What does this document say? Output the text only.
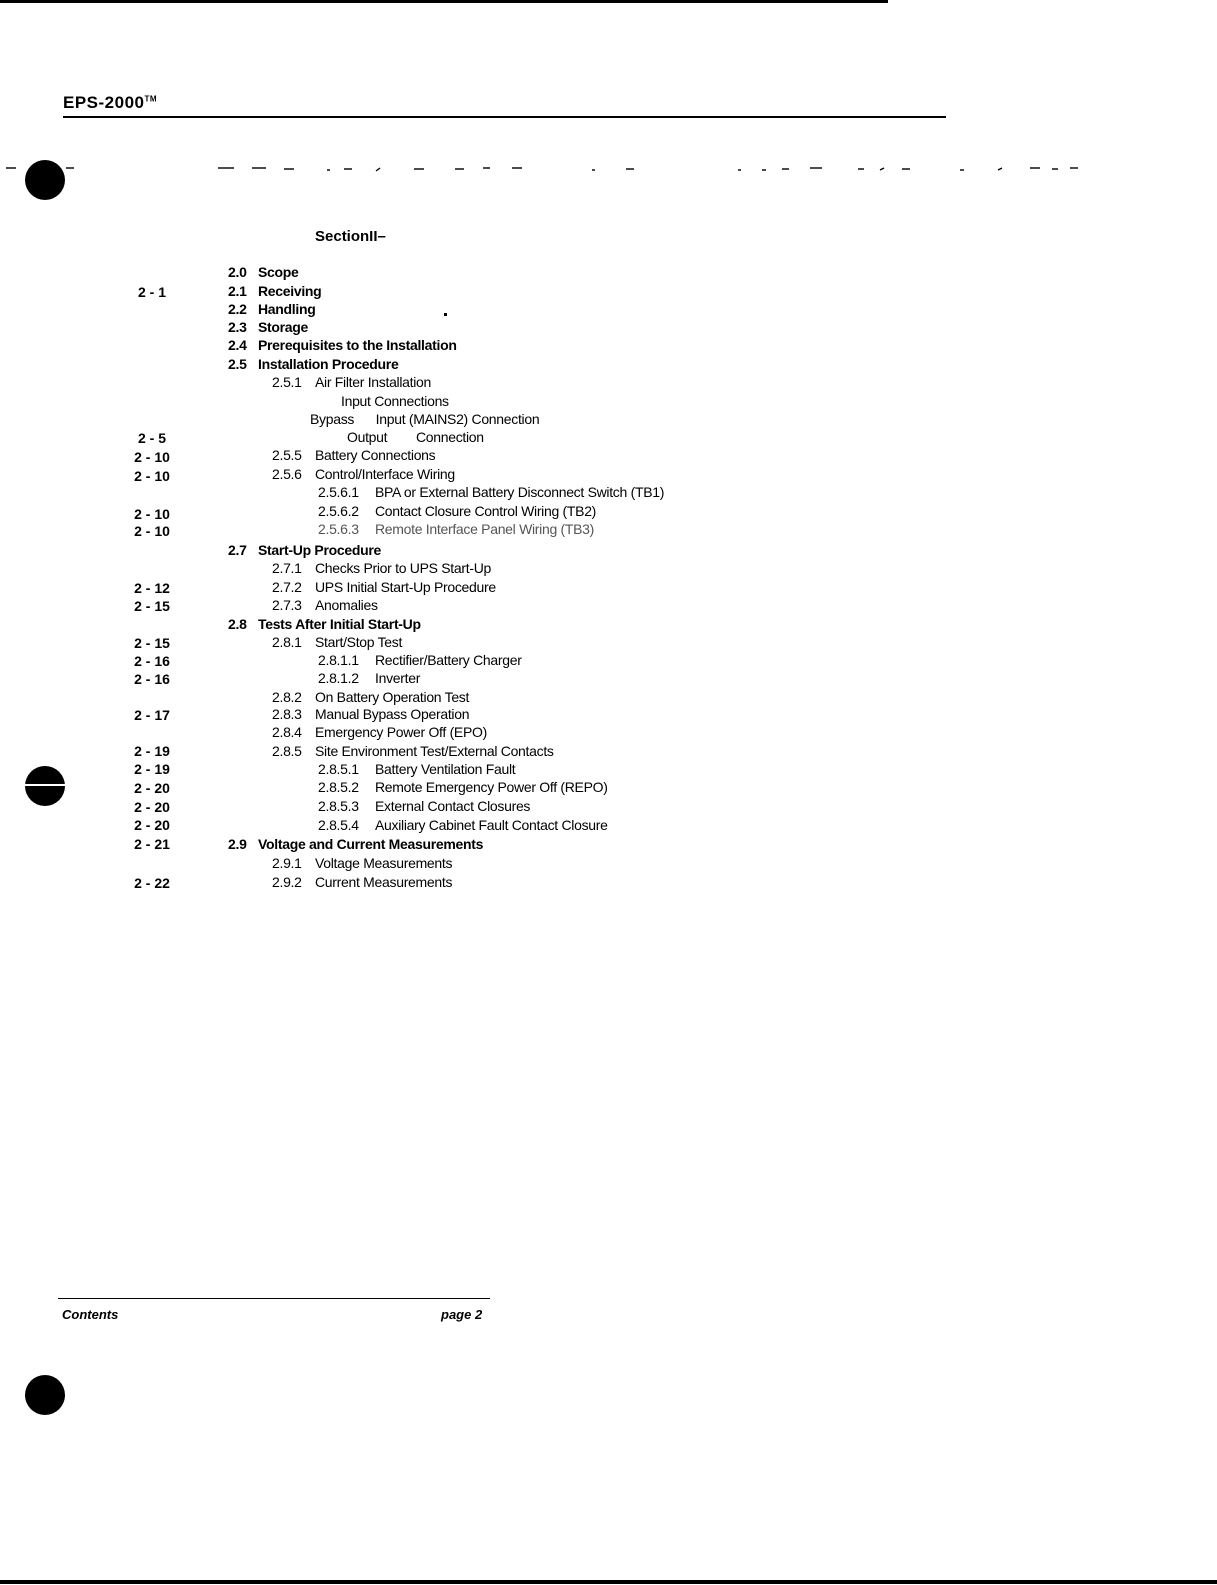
EPS-2000™
SectionII–
2 - 1
2 - 5
2 - 10
2 - 10
2 - 10
2 - 10
2 - 12
2 - 15
2 - 15
2 - 16
2 - 16
2 - 17
2 - 19
2 - 19
2 - 20
2 - 20
2 - 20
2 - 21
2 - 22
2.0 Scope
2.1 Receiving
2.2 Handling
2.3 Storage
2.4 Prerequisites to the Installation
2.5 Installation Procedure
2.5.1 Air Filter Installation
Input Connections
Bypass      Input (MAINS2) Connection
Output        Connection
2.5.5 Battery Connections
2.5.6 Control/Interface Wiring
2.5.6.1 BPA or External Battery Disconnect Switch (TB1)
2.5.6.2 Contact Closure Control Wiring (TB2)
2.5.6.3 Remote Interface Panel Wiring (TB3)
2.7 Start-Up Procedure
2.7.1 Checks Prior to UPS Start-Up
2.7.2 UPS Initial Start-Up Procedure
2.7.3 Anomalies
2.8 Tests After Initial Start-Up
2.8.1 Start/Stop Test
2.8.1.1 Rectifier/Battery Charger
2.8.1.2 Inverter
2.8.2 On Battery Operation Test
2.8.3 Manual Bypass Operation
2.8.4 Emergency Power Off (EPO)
2.8.5 Site Environment Test/External Contacts
2.8.5.1 Battery Ventilation Fault
2.8.5.2 Remote Emergency Power Off (REPO)
2.8.5.3 External Contact Closures
2.8.5.4 Auxiliary Cabinet Fault Contact Closure
2.9 Voltage and Current Measurements
2.9.1 Voltage Measurements
2.9.2 Current Measurements
Contents	page 2
